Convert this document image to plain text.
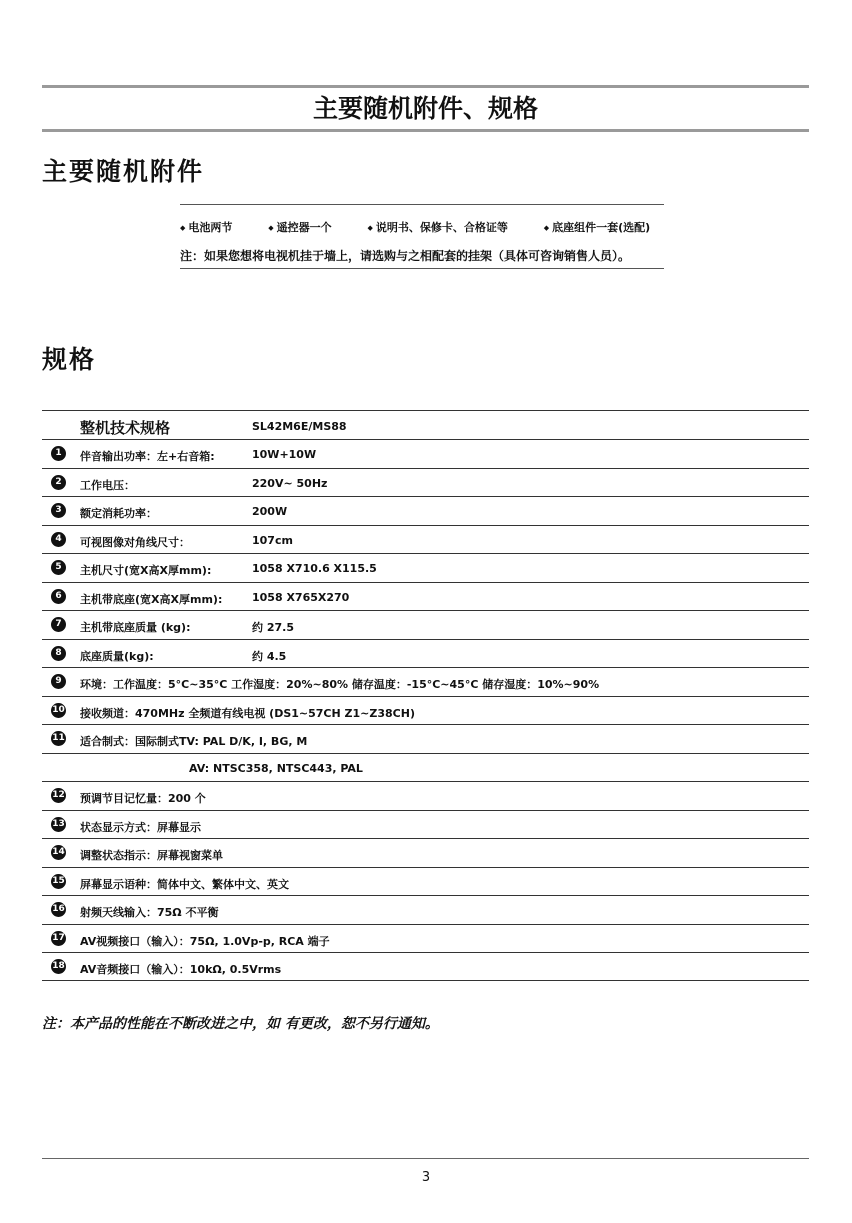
主要随机附件、规格
主要随机附件
◆ 电池两节	◆ 遥控器一个	◆ 说明书、保修卡、合格证等	◆ 底座组件一套(选配)
注：如果您想将电视机挂于墙上，请选购与之相配套的挂架（具体可咨询销售人员）。
规格
整机技术规格	SL42M6E/MS88
1	伴音输出功率：左+右音箱:	10W+10W
2	工作电压：	220V~ 50Hz
3	额定消耗功率：	200W
4	可视图像对角线尺寸：	107cm
5	主机尺寸(宽X高X厚mm):	1058 X710.6 X115.5
6	主机带底座(宽X高X厚mm):	1058 X765X270
7	主机带底座质量 (kg):	约 27.5
8	底座质量(kg):	约 4.5
9	环境：工作温度：5°C~35°C 工作湿度：20%~80% 储存温度：-15°C~45°C 储存湿度：10%~90%
10 接收频道：470MHz 全频道有线电视 (DS1~57CH Z1~Z38CH)
11 适合制式：国际制式TV: PAL D/K, I, BG, M
AV: NTSC358, NTSC443, PAL
12 预调节目记忆量：200 个
13 状态显示方式：屏幕显示
14 调整状态指示：屏幕视窗菜单
15 屏幕显示语种：简体中文、繁体中文、英文
16 射频天线输入：75Ω 不平衡
17 AV视频接口（输入）：75Ω, 1.0Vp-p, RCA 端子
18 AV音频接口（输入）：10kΩ, 0.5Vrms
注：本产品的性能在不断改进之中，如 有更改，恕不另行通知。
3
